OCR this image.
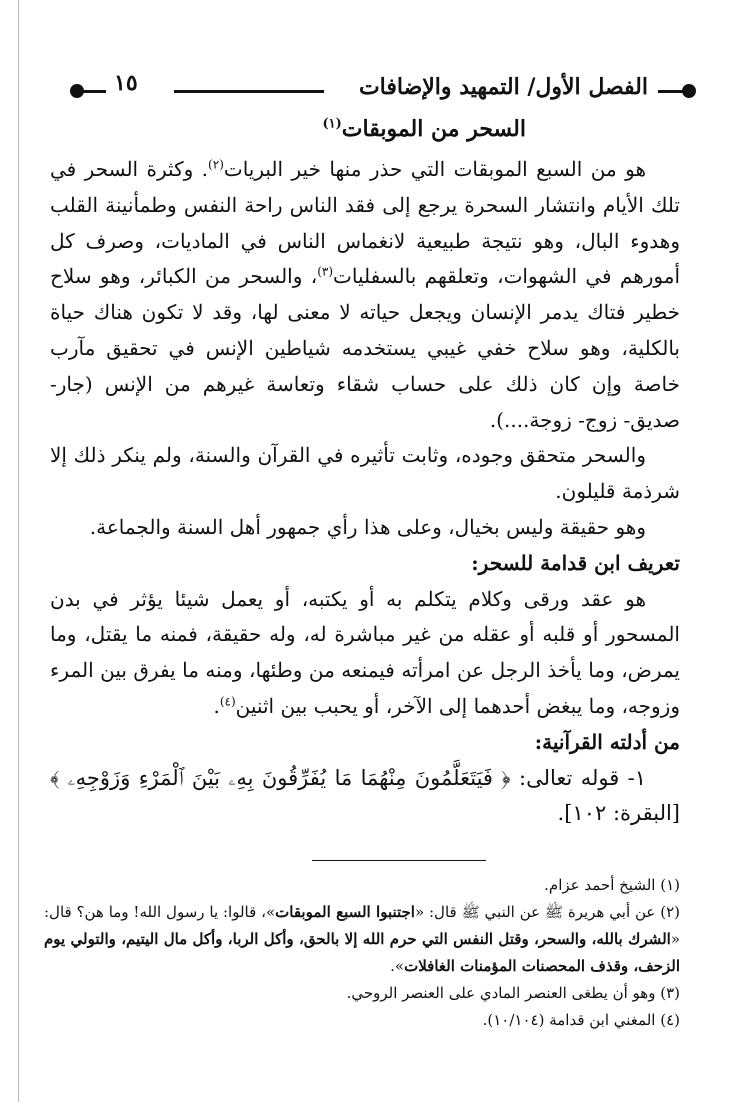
الفصل الأول/ التمهيد والإضافات
١٥
السحر من الموبقات$^{(١)}$

هو من السبع الموبقات التي حذر منها خير البريات$^{(٢)}$. وكثرة السحر في تلك الأيام وانتشار السحرة يرجع إلى فقد الناس راحة النفس وطمأنينة القلب وهدوء البال، وهو نتيجة طبيعية لانغماس الناس في الماديات، وصرف كل أمورهم في الشهوات، وتعلقهم بالسفليات$^{(٣)}$، والسحر من الكبائر، وهو سلاح خطير فتاك يدمر الإنسان ويجعل حياته لا معنى لها، وقد لا تكون هناك حياة بالكلية، وهو سلاح خفي غيبي يستخدمه شياطين الإنس في تحقيق مآرب خاصة وإن كان ذلك على حساب شقاء وتعاسة غيرهم من الإنس (جار- صديق- زوج- زوجة....).

والسحر متحقق وجوده، وثابت تأثيره في القرآن والسنة، ولم ينكر ذلك إلا شرذمة قليلون.

وهو حقيقة وليس بخيال، وعلى هذا رأي جمهور أهل السنة والجماعة.

تعريف ابن قدامة للسحر:

هو عقد ورقى وكلام يتكلم به أو يكتبه، أو يعمل شيئا يؤثر في بدن المسحور أو قلبه أو عقله من غير مباشرة له، وله حقيقة، فمنه ما يقتل، وما يمرض، وما يأخذ الرجل عن امرأته فيمنعه من وطئها، ومنه ما يفرق بين المرء وزوجه، وما يبغض أحدهما إلى الآخر، أو يحبب بين اثنين$^{(٤)}$.

من أدلته القرآنية:

١- قوله تعالى: ﴿ فَيَتَعَلَّمُونَ مِنْهُمَا مَا يُفَرِّقُونَ بِهِۦ بَيْنَ ٱلْمَرْءِ وَزَوْجِهِۦ ﴾ [البقرة: ١٠٢].

(١) الشيخ أحمد عزام.

(٢) عن أبي هريرة ﷺ عن النبي ﷺ قال: «اجتنبوا السبع الموبقات»، قالوا: يا رسول الله! وما هن؟ قال: «الشرك بالله، والسحر، وقتل النفس التي حرم الله إلا بالحق، وأكل الربا، وأكل مال اليتيم، والتولي يوم الزحف، وقذف المحصنات المؤمنات الغافلات».

(٣) وهو أن يطغى العنصر المادي على العنصر الروحي.

(٤) المغني ابن قدامة (١٠/١٠٤).
